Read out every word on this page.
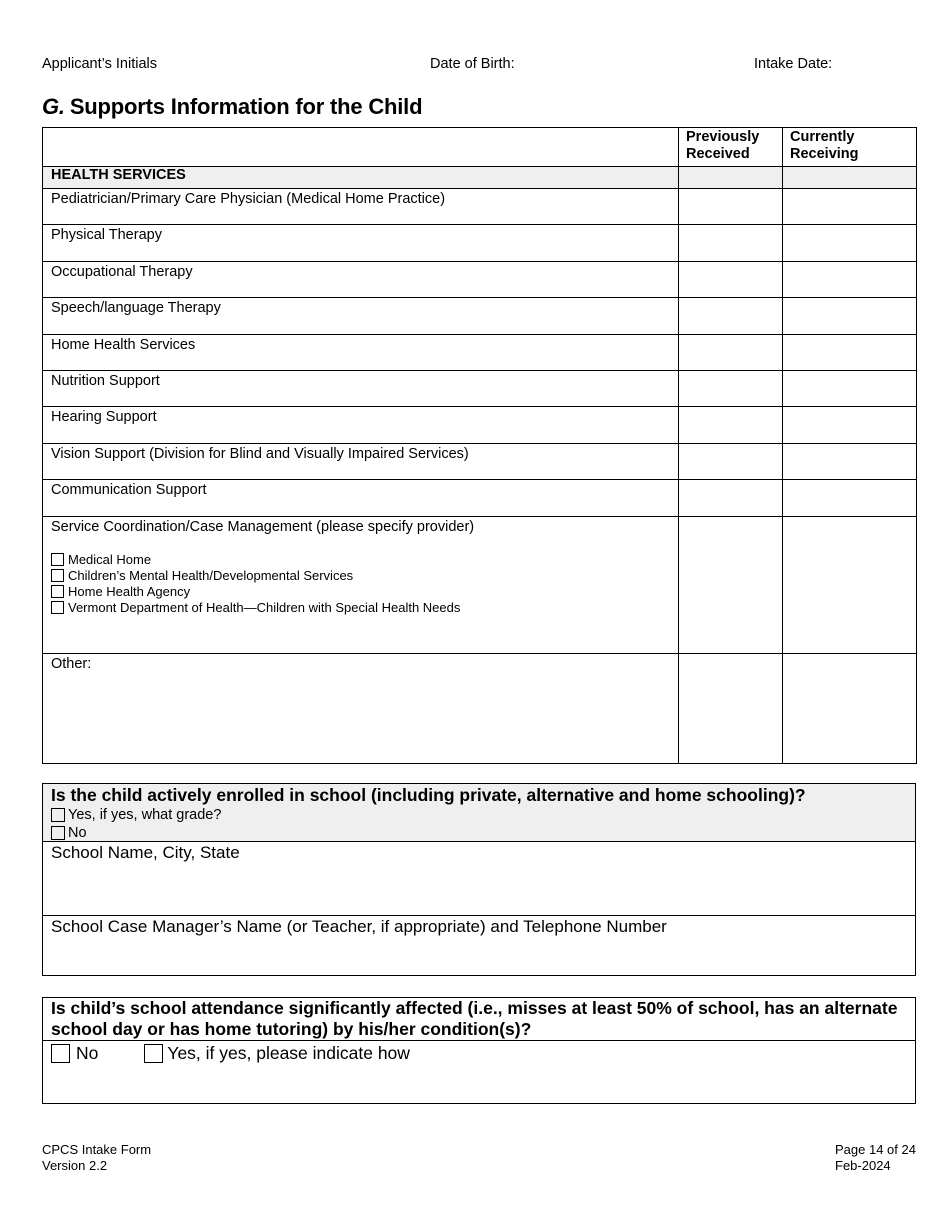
Applicant’s Initials	Date of Birth:	Intake Date:
G. Supports Information for the Child
	Previously Received	Currently Receiving
HEALTH SERVICES		
Pediatrician/Primary Care Physician (Medical Home Practice)		
Physical Therapy		
Occupational Therapy		
Speech/language Therapy		
Home Health Services		
Nutrition Support		
Hearing Support		
Vision Support (Division for Blind and Visually Impaired Services)		
Communication Support		

Service Coordination/Case Management (please specify provider)
Medical Home
Children’s Mental Health/Developmental Services
Home Health Agency
Vermont Department of Health—Children with Special Health Needs		

Other:		
Is the child actively enrolled in school (including private, alternative and home schooling)?
Yes, if yes, what grade?
No
School Name, City, State
School Case Manager’s Name (or Teacher, if appropriate) and Telephone Number
Is child’s school attendance significantly affected (i.e., misses at least 50% of school, has an alternate school day or has home tutoring) by his/her condition(s)?
No	Yes, if yes, please indicate how
CPCS Intake Form
Version 2.2
Page 14 of 24
Feb-2024
